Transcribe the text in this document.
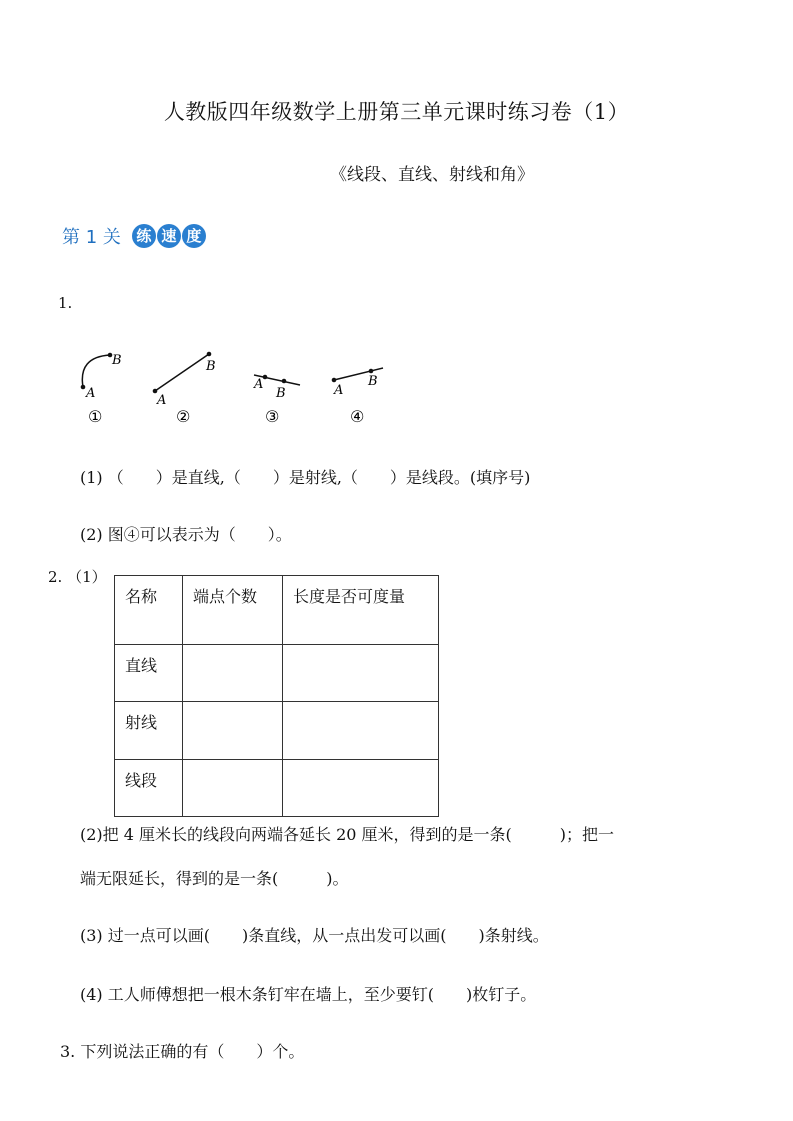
人教版四年级数学上册第三单元课时练习卷（1）
《线段、直线、射线和角》
第 1 关 练 速 度
1.
A
B
A
B
A
B	A
B
①	②	③	④
(1) （　　）是直线,（　　）是射线,（　　）是线段。(填序号)
(2) 图④可以表示为（　　）。
2. （1）
名称	端点个数	长度是否可度量
直线		
射线		
线段		
(2)把 4 厘米长的线段向两端各延长 20 厘米，得到的是一条(　　　)；把一
端无限延长，得到的是一条(　　　)。
(3) 过一点可以画(　　)条直线，从一点出发可以画(　　)条射线。
(4) 工人师傅想把一根木条钉牢在墙上，至少要钉(　　)枚钉子。
3. 下列说法正确的有（　　）个。
